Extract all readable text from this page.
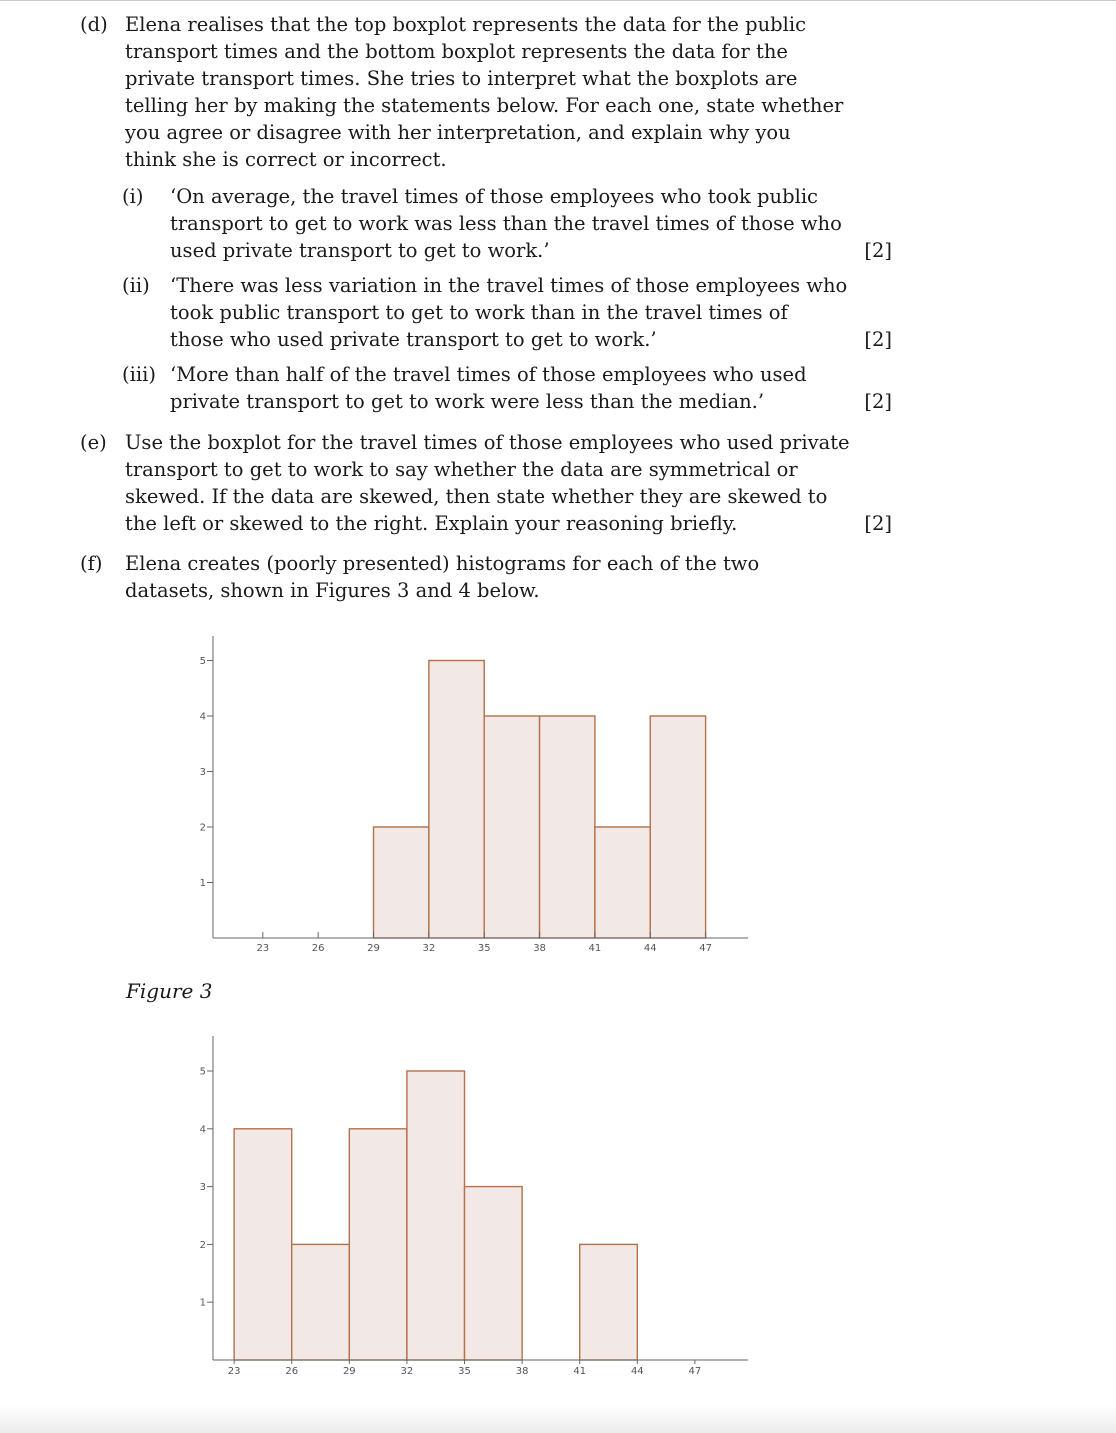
(d) Elena realises that the top boxplot represents the data for the public
transport times and the bottom boxplot represents the data for the
private transport times. She tries to interpret what the boxplots are
telling her by making the statements below. For each one, state whether
you agree or disagree with her interpretation, and explain why you
think she is correct or incorrect.
(i) ‘On average, the travel times of those employees who took public
transport to get to work was less than the travel times of those who
used private transport to get to work.’	[2]
(ii) ‘There was less variation in the travel times of those employees who
took public transport to get to work than in the travel times of
those who used private transport to get to work.’	[2]
(iii) ‘More than half of the travel times of those employees who used
private transport to get to work were less than the median.’	[2]
(e) Use the boxplot for the travel times of those employees who used private
transport to get to work to say whether the data are symmetrical or
skewed. If the data are skewed, then state whether they are skewed to
the left or skewed to the right. Explain your reasoning briefly.	[2]
(f) Elena creates (poorly presented) histograms for each of the two
datasets, shown in Figures 3 and 4 below.
1
2
3
4
5
23	26	29	32	35	38	41	44	47
Figure 3
1
2
3
4
5
23	26	29	32	35	38	41	44	47
